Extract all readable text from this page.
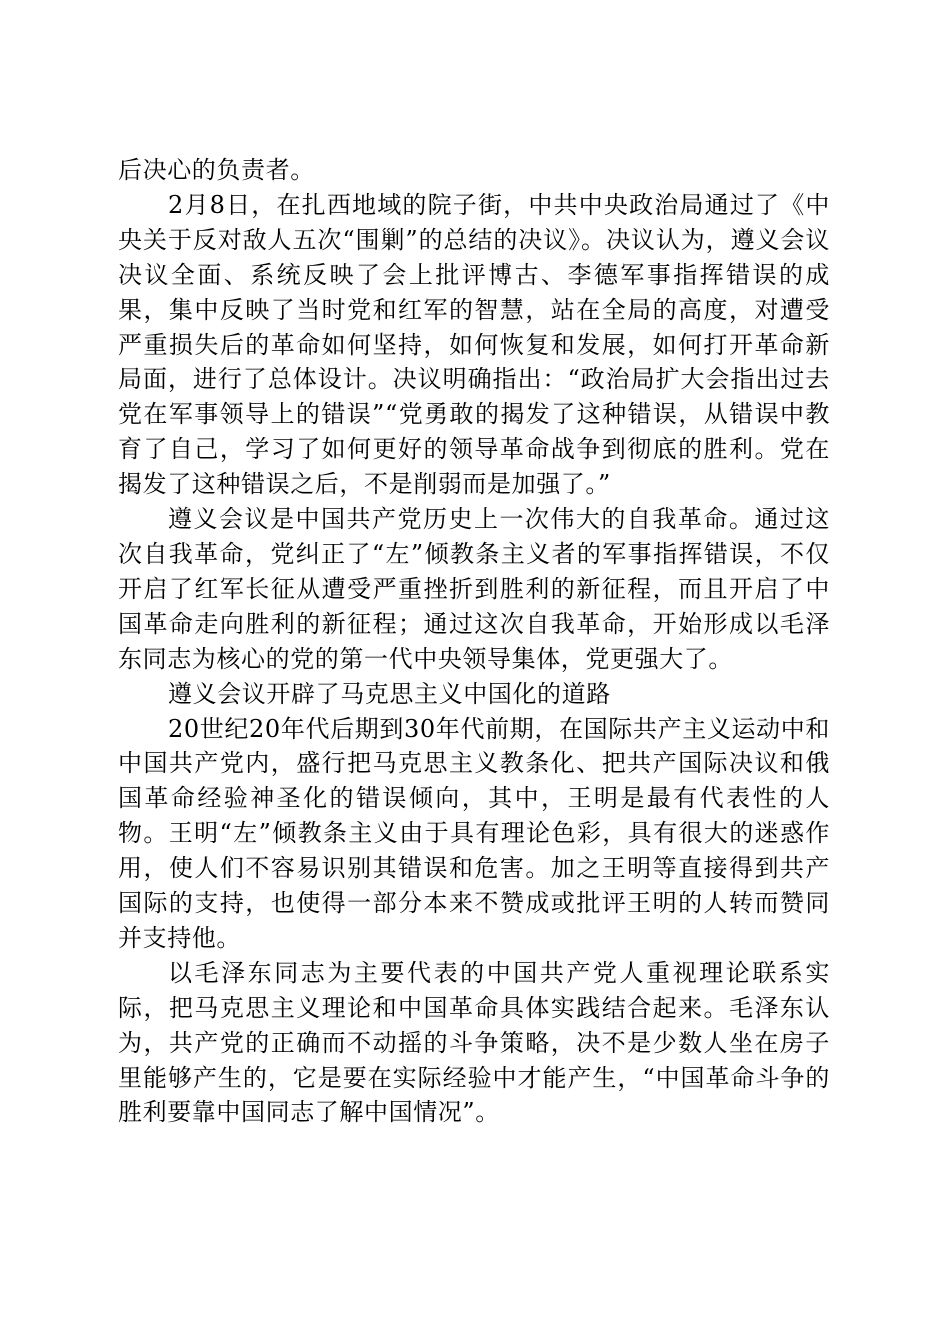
后决心的负责者。

2月8日，在扎西地域的院子街，中共中央政治局通过了《中央关于反对敌人五次“围剿”的总结的决议》。决议认为，遵义会议决议全面、系统反映了会上批评博古、李德军事指挥错误的成果，集中反映了当时党和红军的智慧，站在全局的高度，对遭受严重损失后的革命如何坚持，如何恢复和发展，如何打开革命新局面，进行了总体设计。决议明确指出：“政治局扩大会指出过去党在军事领导上的错误”“党勇敢的揭发了这种错误，从错误中教育了自己，学习了如何更好的领导革命战争到彻底的胜利。党在揭发了这种错误之后，不是削弱而是加强了。”

遵义会议是中国共产党历史上一次伟大的自我革命。通过这次自我革命，党纠正了“左”倾教条主义者的军事指挥错误，不仅开启了红军长征从遭受严重挫折到胜利的新征程，而且开启了中国革命走向胜利的新征程；通过这次自我革命，开始形成以毛泽东同志为核心的党的第一代中央领导集体，党更强大了。

遵义会议开辟了马克思主义中国化的道路

20世纪20年代后期到30年代前期，在国际共产主义运动中和中国共产党内，盛行把马克思主义教条化、把共产国际决议和俄国革命经验神圣化的错误倾向，其中，王明是最有代表性的人物。王明“左”倾教条主义由于具有理论色彩，具有很大的迷惑作用，使人们不容易识别其错误和危害。加之王明等直接得到共产国际的支持，也使得一部分本来不赞成或批评王明的人转而赞同并支持他。

以毛泽东同志为主要代表的中国共产党人重视理论联系实际，把马克思主义理论和中国革命具体实践结合起来。毛泽东认为，共产党的正确而不动摇的斗争策略，决不是少数人坐在房子里能够产生的，它是要在实际经验中才能产生，“中国革命斗争的胜利要靠中国同志了解中国情况”。
